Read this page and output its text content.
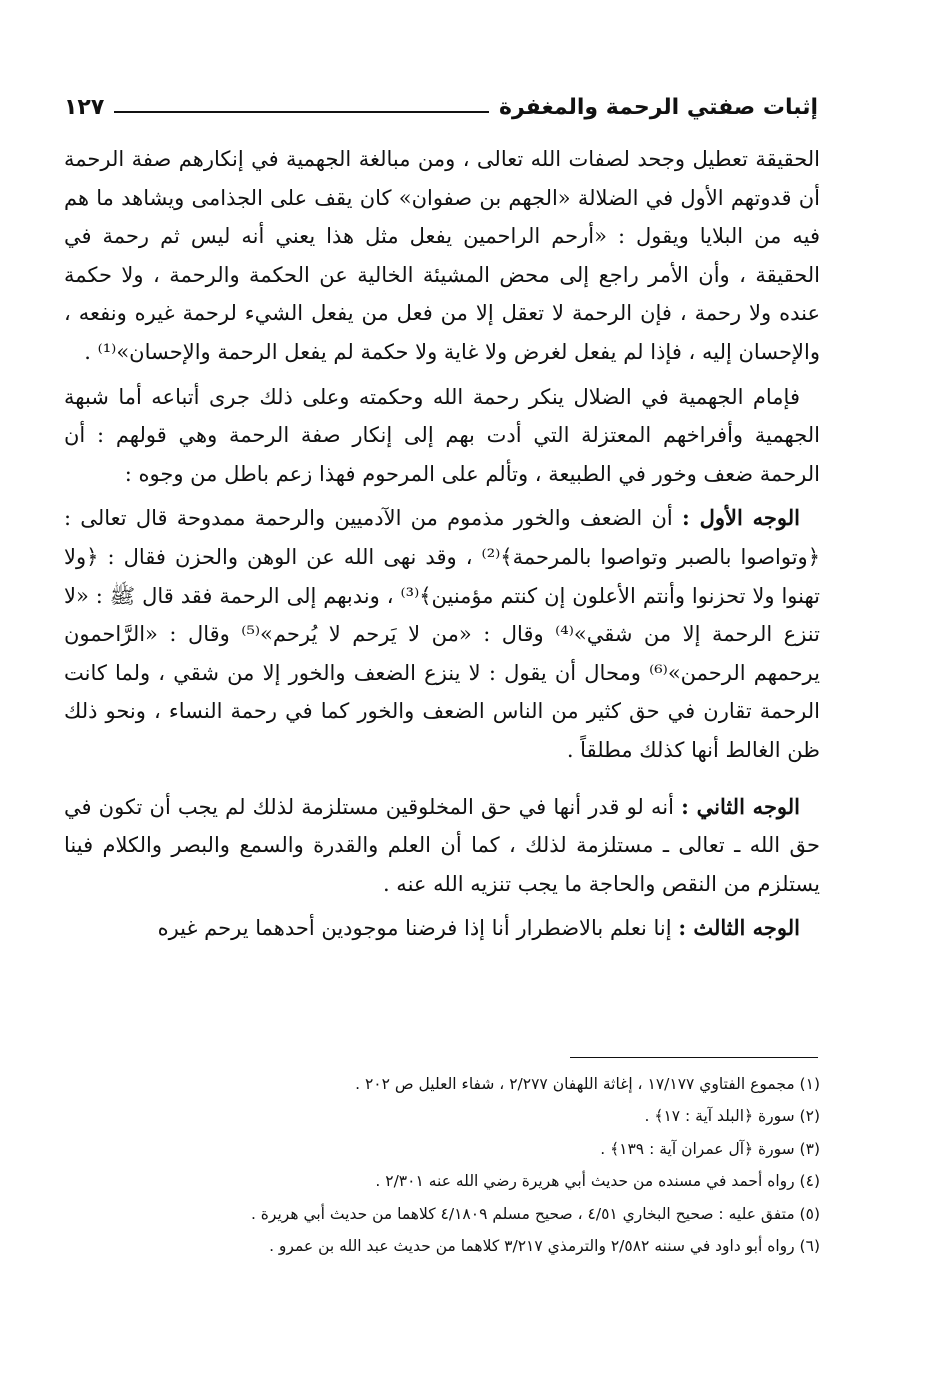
إثبات صفتي الرحمة والمغفرة
١٢٧

الحقيقة تعطيل وجحد لصفات الله تعالى ، ومن مبالغة الجهمية في إنكارهم صفة الرحمة أن قدوتهم الأول في الضلالة «الجهم بن صفوان» كان يقف على الجذامى ويشاهد ما هم فيه من البلايا ويقول : «أرحم الراحمين يفعل مثل هذا يعني أنه ليس ثم رحمة في الحقيقة ، وأن الأمر راجع إلى محض المشيئة الخالية عن الحكمة والرحمة ، ولا حكمة عنده ولا رحمة ، فإن الرحمة لا تعقل إلا من فعل من يفعل الشيء لرحمة غيره ونفعه ، والإحسان إليه ، فإذا لم يفعل لغرض ولا غاية ولا حكمة لم يفعل الرحمة والإحسان»⁽¹⁾ .

فإمام الجهمية في الضلال ينكر رحمة الله وحكمته وعلى ذلك جرى أتباعه أما شبهة الجهمية وأفراخهم المعتزلة التي أدت بهم إلى إنكار صفة الرحمة وهي قولهم : أن الرحمة ضعف وخور في الطبيعة ، وتألم على المرحوم فهذا زعم باطل من وجوه :

الوجه الأول : أن الضعف والخور مذموم من الآدميين والرحمة ممدوحة قال تعالى : ﴿وتواصوا بالصبر وتواصوا بالمرحمة﴾⁽²⁾ ، وقد نهى الله عن الوهن والحزن فقال : ﴿ولا تهنوا ولا تحزنوا وأنتم الأعلون إن كنتم مؤمنين﴾⁽³⁾ ، وندبهم إلى الرحمة فقد قال ﷺ : «لا تنزع الرحمة إلا من شقي»⁽⁴⁾ وقال : «من لا يَرحم لا يُرحم»⁽⁵⁾ وقال : «الرَّاحمون يرحمهم الرحمن»⁽⁶⁾ ومحال أن يقول : لا ينزع الضعف والخور إلا من شقي ، ولما كانت الرحمة تقارن في حق كثير من الناس الضعف والخور كما في رحمة النساء ، ونحو ذلك ظن الغالط أنها كذلك مطلقاً .

الوجه الثاني : أنه لو قدر أنها في حق المخلوقين مستلزمة لذلك لم يجب أن تكون في حق الله ـ تعالى ـ مستلزمة لذلك ، كما أن العلم والقدرة والسمع والبصر والكلام فينا يستلزم من النقص والحاجة ما يجب تنزيه الله عنه .

الوجه الثالث : إنا نعلم بالاضطرار أنا إذا فرضنا موجودين أحدهما يرحم غيره

(١) مجموع الفتاوي ١٧/١٧٧ ، إغاثة اللهفان ٢/٢٧٧ ، شفاء العليل ص ٢٠٢ .

(٢) سورة ﴿البلد آية : ١٧﴾ .

(٣) سورة ﴿آل عمران آية : ١٣٩﴾ .

(٤) رواه أحمد في مسنده من حديث أبي هريرة رضي الله عنه ٢/٣٠١ .

(٥) متفق عليه : صحيح البخاري ٤/٥١ ، صحيح مسلم ٤/١٨٠٩ كلاهما من حديث أبي هريرة .

(٦) رواه أبو داود في سننه ٢/٥٨٢ والترمذي ٣/٢١٧ كلاهما من حديث عبد الله بن عمرو .
